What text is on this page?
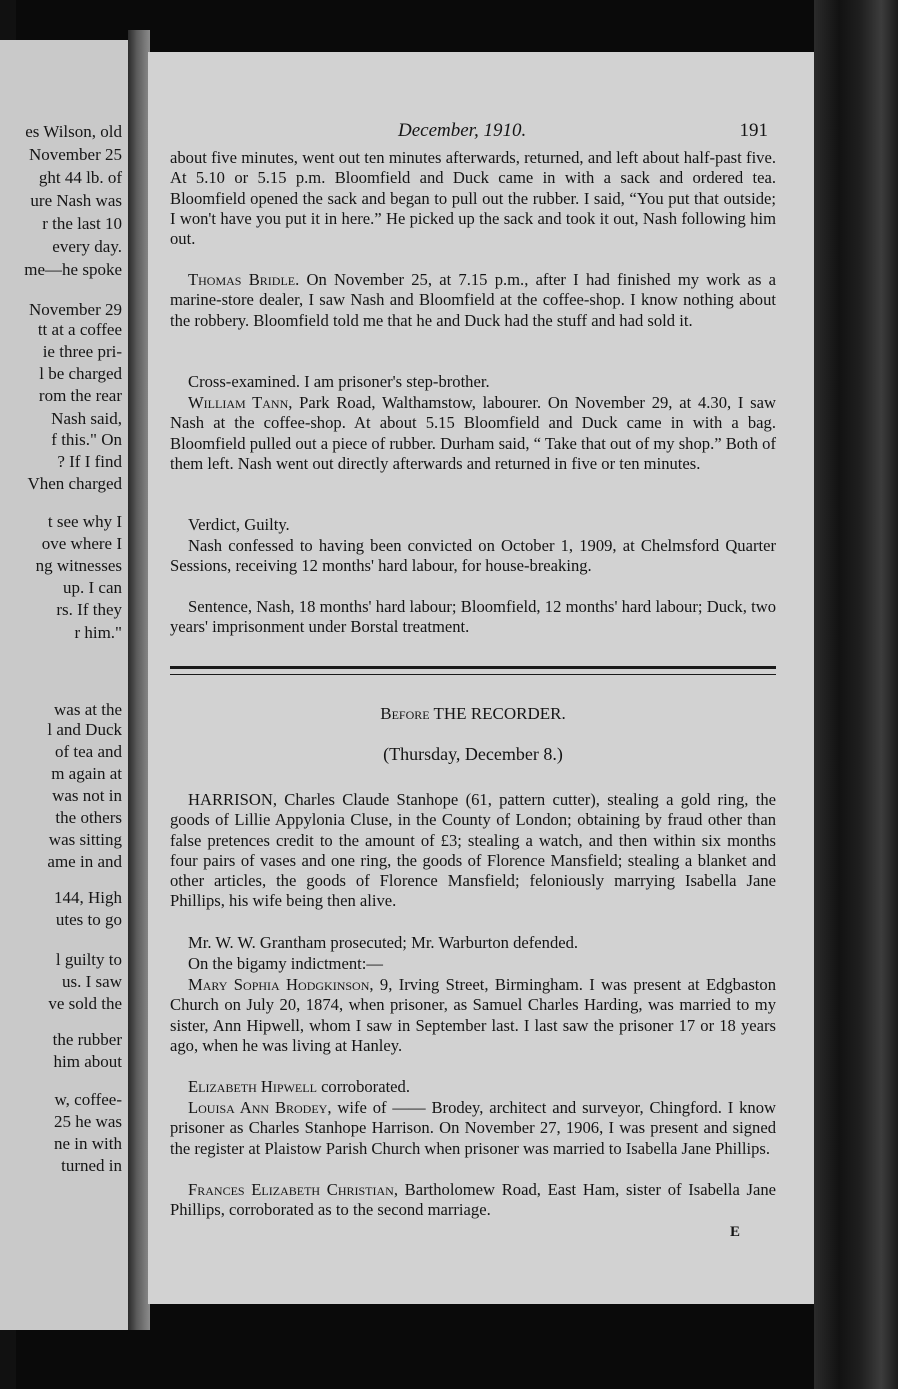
es Wilson, old
November 25
ght 44 lb. of
ure Nash was
r the last 10
every day.
me—he spoke
November 29
tt at a coffee
ie three pri-
l be charged
rom the rear
Nash said,
f this." On
? If I find
Vhen charged
t see why I
ove where I
ng witnesses
up. I can
rs. If they
r him."
was at the
l and Duck
of tea and
m again at
was not in
the others
was sitting
ame in and
144, High
utes to go
l guilty to
us. I saw
ve sold the
the rubber
him about
w, coffee-
25 he was
ne in with
turned in
December, 1910.	191
about five minutes, went out ten minutes afterwards, returned, and left about half-past five. At 5.10 or 5.15 p.m. Bloomfield and Duck came in with a sack and ordered tea. Bloomfield opened the sack and began to pull out the rubber. I said, “You put that outside; I won't have you put it in here.” He picked up the sack and took it out, Nash following him out.
Thomas Bridle. On November 25, at 7.15 p.m., after I had finished my work as a marine-store dealer, I saw Nash and Bloomfield at the coffee-shop. I know nothing about the robbery. Bloomfield told me that he and Duck had the stuff and had sold it.
Cross-examined. I am prisoner's step-brother.
William Tann, Park Road, Walthamstow, labourer. On November 29, at 4.30, I saw Nash at the coffee-shop. At about 5.15 Bloomfield and Duck came in with a bag. Bloomfield pulled out a piece of rubber. Durham said, “ Take that out of my shop.” Both of them left. Nash went out directly afterwards and returned in five or ten minutes.
Verdict, Guilty.
Nash confessed to having been convicted on October 1, 1909, at Chelmsford Quarter Sessions, receiving 12 months' hard labour, for house-breaking.
Sentence, Nash, 18 months' hard labour; Bloomfield, 12 months' hard labour; Duck, two years' imprisonment under Borstal treatment.
Before THE RECORDER.
(Thursday, December 8.)
HARRISON, Charles Claude Stanhope (61, pattern cutter), stealing a gold ring, the goods of Lillie Appylonia Cluse, in the County of London; obtaining by fraud other than false pretences credit to the amount of £3; stealing a watch, and then within six months four pairs of vases and one ring, the goods of Florence Mansfield; stealing a blanket and other articles, the goods of Florence Mansfield; feloniously marrying Isabella Jane Phillips, his wife being then alive.
Mr. W. W. Grantham prosecuted; Mr. Warburton defended.
On the bigamy indictment:—
Mary Sophia Hodgkinson, 9, Irving Street, Birmingham. I was present at Edgbaston Church on July 20, 1874, when prisoner, as Samuel Charles Harding, was married to my sister, Ann Hipwell, whom I saw in September last. I last saw the prisoner 17 or 18 years ago, when he was living at Hanley.
Elizabeth Hipwell corroborated.
Louisa Ann Brodey, wife of —— Brodey, architect and surveyor, Chingford. I know prisoner as Charles Stanhope Harrison. On November 27, 1906, I was present and signed the register at Plaistow Parish Church when prisoner was married to Isabella Jane Phillips.
Frances Elizabeth Christian, Bartholomew Road, East Ham, sister of Isabella Jane Phillips, corroborated as to the second marriage.
E
